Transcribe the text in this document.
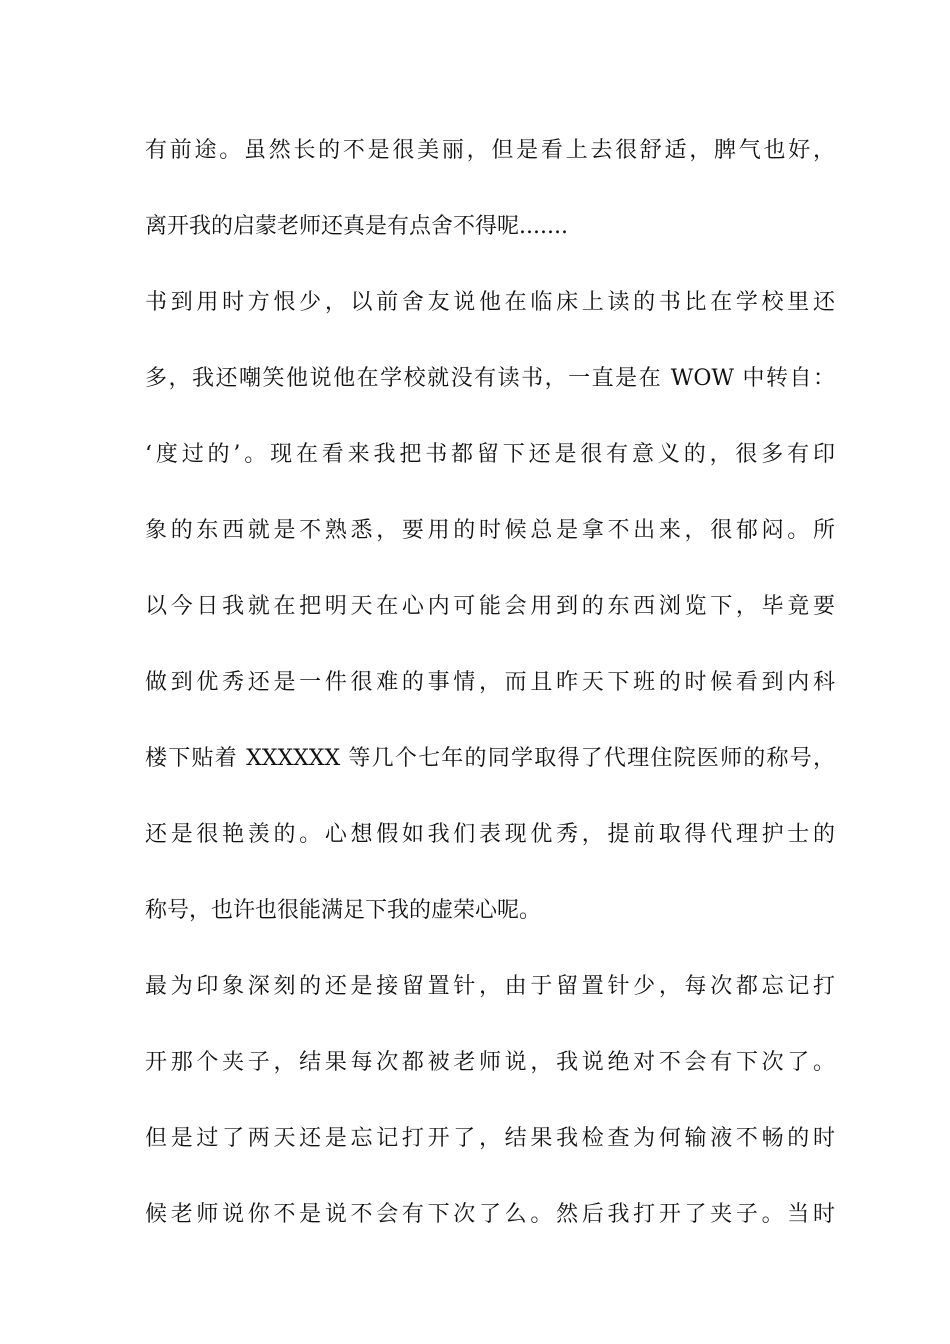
有前途。虽然长的不是很美丽，但是看上去很舒适，脾气也好，
离开我的启蒙老师还真是有点舍不得呢.......
书到用时方恨少，以前舍友说他在临床上读的书比在学校里还
多，我还嘲笑他说他在学校就没有读书，一直是在 WOW 中转自：
‘度过的’。现在看来我把书都留下还是很有意义的，很多有印
象的东西就是不熟悉，要用的时候总是拿不出来，很郁闷。所
以今日我就在把明天在心内可能会用到的东西浏览下，毕竟要
做到优秀还是一件很难的事情，而且昨天下班的时候看到内科
楼下贴着 XXXXXX 等几个七年的同学取得了代理住院医师的称号，
还是很艳羡的。心想假如我们表现优秀，提前取得代理护士的
称号，也许也很能满足下我的虚荣心呢。
最为印象深刻的还是接留置针，由于留置针少，每次都忘记打
开那个夹子，结果每次都被老师说，我说绝对不会有下次了。
但是过了两天还是忘记打开了，结果我检查为何输液不畅的时
候老师说你不是说不会有下次了么。然后我打开了夹子。当时
